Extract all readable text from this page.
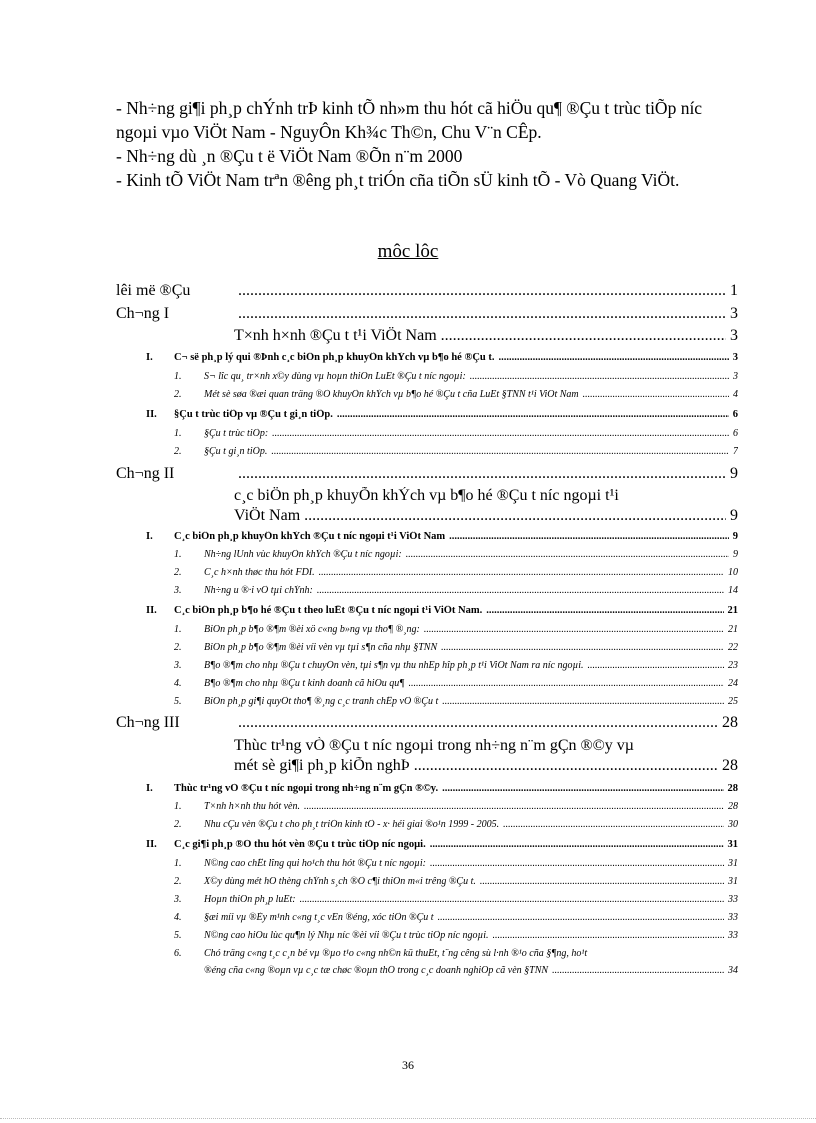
- Nh÷ng gi¶i ph¸p chÝnh trÞ kinh tÕ nh»m thu hót cã hiÖu qu¶ ®Çu t trùc tiÕp níc ngoµi vµo ViÖt Nam - NguyÔn Kh¾c Th©n, Chu V¨n CÊp.

- Nh÷ng dù ¸n ®Çu t ë ViÖt Nam ®Õn n¨m 2000

- Kinh tÕ ViÖt Nam trªn ®êng ph¸t triÓn cña tiÕn sÜ kinh tÕ - Vò Quang ViÖt.

môc lôc
lêi më ®Çu .....	1
Ch¬ng I .....	3
T×nh h×nh ®Çu t t¹i ViÖt Nam .....	3
I.	C¬ së ph¸p lý qui ®Þnh c¸c biÖn ph¸p khuyÕn khÝch vµ b¶o hé ®Çu t. .....	3
1.	S¬ lîc qu¸ tr×nh x©y dùng vµ hoµn thiÖn LuËt ®Çu t níc ngoµi: .....	3
2.	Mét sè søa ®æi quan träng ®Ó khuyÕn khÝch vµ b¶o hé ®Çu t cña LuËt §TNN t¹i ViÖt Nam .....	4
II.	§Çu t trùc tiÕp vµ ®Çu t gi¸n tiÕp. .....	6
1.	§Çu t trùc tiÕp: .....	6
2.	§Çu t gi¸n tiÕp. .....	7
Ch¬ng II .....	9
c¸c biÖn ph¸p khuyÕn khÝch vµ b¶o hé ®Çu t níc ngoµi t¹i
ViÖt Nam .....	9
I.	C¸c biÖn ph¸p khuyÕn khÝch ®Çu t níc ngoµi t¹i ViÖt Nam .....	9
1.	Nh÷ng lÜnh vùc khuyÕn khÝch ®Çu t níc ngoµi: .....	9
2.	C¸c h×nh thøc thu hót FDI. .....	10
3.	Nh÷ng u ®·i vÒ tµi chÝnh: .....	14
II.	C¸c biÖn ph¸p b¶o hé ®Çu t theo luËt ®Çu t níc ngoµi t¹i ViÖt Nam. .....	21
1.	BiÖn ph¸p b¶o ®¶m ®èi xö c«ng b»ng vµ tho¶ ®¸ng: .....	21
2.	BiÖn ph¸p b¶o ®¶m ®èi víi vèn vµ tµi s¶n cña nhµ §TNN .....	22
3.	B¶o ®¶m cho nhµ ®Çu t chuyÓn vèn, tµi s¶n vµ thu nhËp hîp ph¸p t¹i ViÖt Nam ra níc ngoµi. .....	23
4.	B¶o ®¶m cho nhµ ®Çu t kinh doanh cã hiÖu qu¶ .....	24
5.	BiÖn ph¸p gi¶i quyÕt tho¶ ®¸ng c¸c tranh chÊp vÒ ®Çu t .....	25
Ch¬ng III .....	28
Thùc tr¹ng vÒ ®Çu t níc ngoµi trong nh÷ng n¨m gÇn ®©y vµ
mét sè gi¶i ph¸p kiÕn nghÞ .....	28
I.	Thùc tr¹ng vÒ ®Çu t níc ngoµi trong nh÷ng n¨m gÇn ®©y. .....	28
1.	T×nh h×nh thu hót vèn. .....	28
2.	Nhu cÇu vèn ®Çu t cho ph¸t triÓn kinh tÕ - x· héi giai ®o¹n 1999 - 2005. .....	30
II.	C¸c gi¶i ph¸p ®Ó thu hót vèn ®Çu t trùc tiÕp níc ngoµi. .....	31
1.	N©ng cao chÊt lîng qui ho¹ch thu hót ®Çu t níc ngoµi: .....	31
2.	X©y dùng mét hÖ thèng chÝnh s¸ch ®Ó c¶i thiÖn m«i trêng ®Çu t. .....	31
3.	Hoµn thiÖn ph¸p luËt: .....	33
4.	§æi míi vµ ®Èy m¹nh c«ng t¸c vËn ®éng, xóc tiÕn ®Çu t .....	33
5.	N©ng cao hiÖu lùc qu¶n lý Nhµ níc ®èi víi ®Çu t trùc tiÕp níc ngoµi. .....	33
6.	Chó träng c«ng t¸c c¸n bé vµ ®µo t¹o c«ng nh©n kü thuËt, t¨ng cêng sù l·nh ®¹o cña §¶ng, ho¹t
®éng cña c«ng ®oµn vµ c¸c tæ chøc ®oµn thÓ trong c¸c doanh nghiÖp cã vèn §TNN .....	34
36
